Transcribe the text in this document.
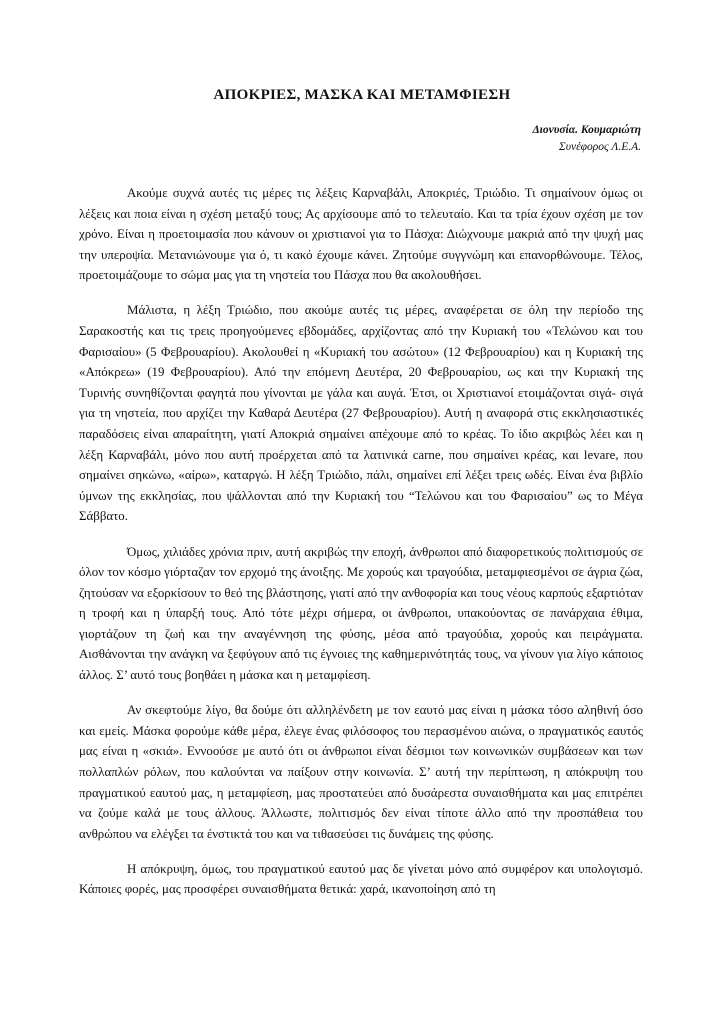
ΑΠΟΚΡΙΕΣ, ΜΑΣΚΑ ΚΑΙ ΜΕΤΑΜΦΙΕΣΗ
Διονυσία. Κουμαριώτη
Συνέφορος Λ.Ε.Α.

Ακούμε συχνά αυτές τις μέρες τις λέξεις Καρναβάλι, Αποκριές, Τριώδιο. Τι σημαίνουν όμως οι λέξεις και ποια είναι η σχέση μεταξύ τους; Ας αρχίσουμε από το τελευταίο. Και τα τρία έχουν σχέση με τον χρόνο. Είναι η προετοιμασία που κάνουν οι χριστιανοί για το Πάσχα: Διώχνουμε μακριά από την ψυχή μας την υπεροψία. Μετανιώνουμε για ό, τι κακό έχουμε κάνει. Ζητούμε συγγνώμη και επανορθώνουμε. Τέλος, προετοιμάζουμε το σώμα μας για τη νηστεία του Πάσχα που θα ακολουθήσει.

Μάλιστα, η λέξη Τριώδιο, που ακούμε αυτές τις μέρες, αναφέρεται σε όλη την περίοδο της Σαρακοστής και τις τρεις προηγούμενες εβδομάδες, αρχίζοντας από την Κυριακή του «Τελώνου και του Φαρισαίου» (5 Φεβρουαρίου). Ακολουθεί η «Κυριακή του ασώτου» (12 Φεβρουαρίου) και η Κυριακή της «Απόκρεω» (19 Φεβρουαρίου). Από την επόμενη Δευτέρα, 20 Φεβρουαρίου, ως και την Κυριακή της Τυρινής συνηθίζονται φαγητά που γίνονται με γάλα και αυγά. Έτσι, οι Χριστιανοί ετοιμάζονται σιγά- σιγά για τη νηστεία, που αρχίζει την Καθαρά Δευτέρα (27 Φεβρουαρίου). Αυτή η αναφορά στις εκκλησιαστικές παραδόσεις είναι απαραίτητη, γιατί Αποκριά σημαίνει απέχουμε από το κρέας. Το ίδιο ακριβώς λέει και η λέξη Καρναβάλι, μόνο που αυτή προέρχεται από τα λατινικά carne, που σημαίνει κρέας, και levare, που σημαίνει σηκώνω, «αίρω», καταργώ. Η λέξη Τριώδιο, πάλι, σημαίνει επί λέξει τρεις ωδές. Είναι ένα βιβλίο ύμνων της εκκλησίας, που ψάλλονται από την Κυριακή του “Τελώνου και του Φαρισαίου” ως το Μέγα Σάββατο.

Όμως, χιλιάδες χρόνια πριν, αυτή ακριβώς την εποχή, άνθρωποι από διαφορετικούς πολιτισμούς σε όλον τον κόσμο γιόρταζαν τον ερχομό της άνοιξης. Με χορούς και τραγούδια, μεταμφιεσμένοι σε άγρια ζώα, ζητούσαν να εξορκίσουν το θεό της βλάστησης, γιατί από την ανθοφορία και τους νέους καρπούς εξαρτιόταν η τροφή και η ύπαρξή τους. Από τότε μέχρι σήμερα, οι άνθρωποι, υπακούοντας σε πανάρχαια έθιμα, γιορτάζουν τη ζωή και την αναγέννηση της φύσης, μέσα από τραγούδια, χορούς και πειράγματα. Αισθάνονται την ανάγκη να ξεφύγουν από τις έγνοιες της καθημερινότητάς τους, να γίνουν για λίγο κάποιος άλλος. Σ’ αυτό τους βοηθάει η μάσκα και η μεταμφίεση.

Αν σκεφτούμε λίγο, θα δούμε ότι αλληλένδετη με τον εαυτό μας είναι η μάσκα τόσο αληθινή όσο και εμείς. Μάσκα φορούμε κάθε μέρα, έλεγε ένας φιλόσοφος του περασμένου αιώνα, ο πραγματικός εαυτός μας είναι η «σκιά». Εννοούσε με αυτό ότι οι άνθρωποι είναι δέσμιοι των κοινωνικών συμβάσεων και των πολλαπλών ρόλων, που καλούνται να παίξουν στην κοινωνία. Σ’ αυτή την περίπτωση, η απόκρυψη του πραγματικού εαυτού μας, η μεταμφίεση, μας προστατεύει από δυσάρεστα συναισθήματα και μας επιτρέπει να ζούμε καλά με τους άλλους. Άλλωστε, πολιτισμός δεν είναι τίποτε άλλο από την προσπάθεια του ανθρώπου να ελέγξει τα ένστικτά του και να τιθασεύσει τις δυνάμεις της φύσης.

Η απόκρυψη, όμως, του πραγματικού εαυτού μας δε γίνεται μόνο από συμφέρον και υπολογισμό. Κάποιες φορές, μας προσφέρει συναισθήματα θετικά: χαρά, ικανοποίηση από τη
